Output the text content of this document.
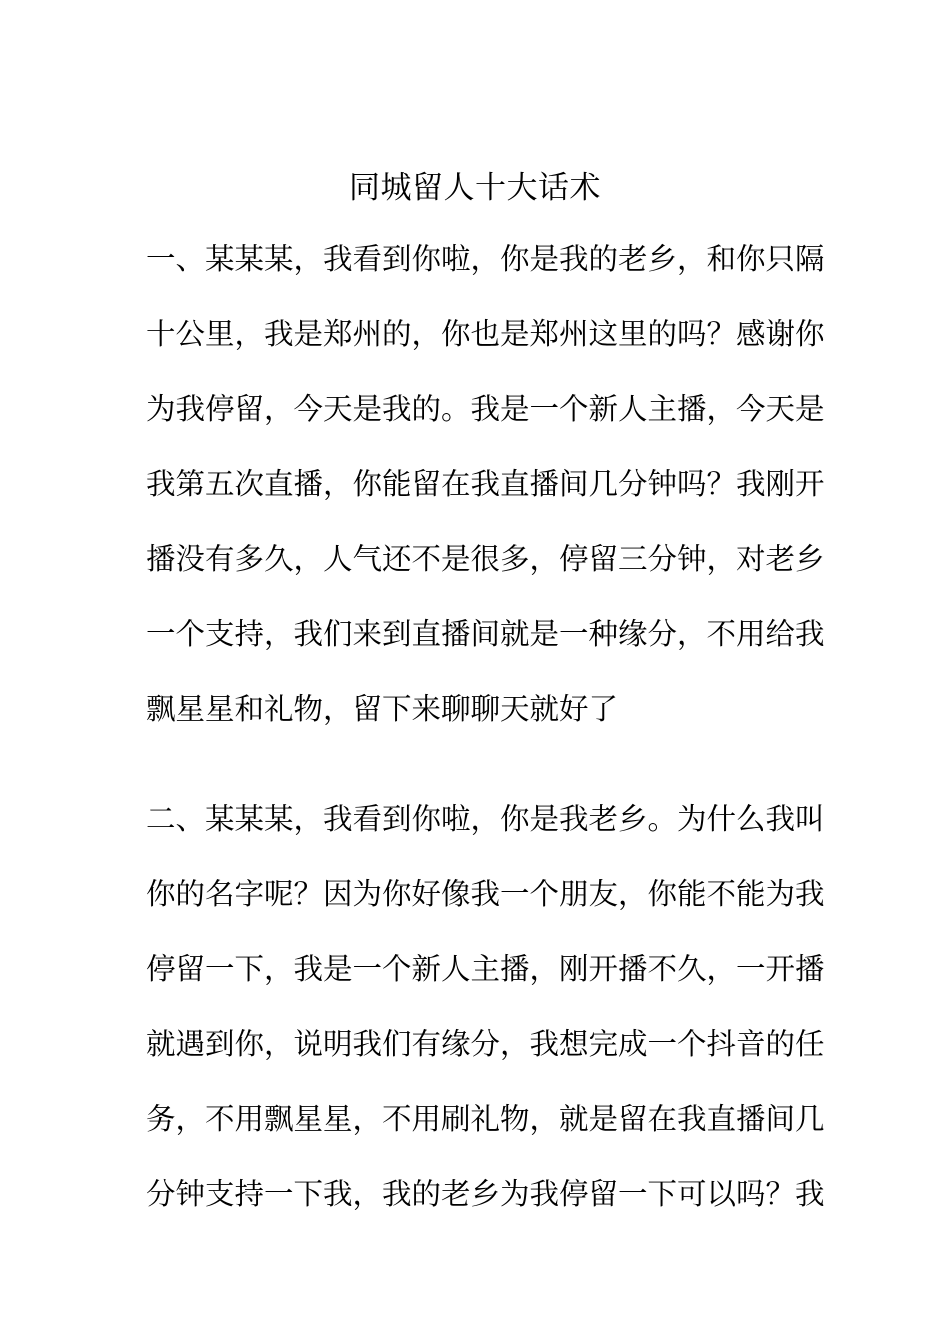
同城留人十大话术
一、某某某，我看到你啦，你是我的老乡，和你只隔
十公里，我是郑州的，你也是郑州这里的吗？感谢你
为我停留，今天是我的。我是一个新人主播，今天是
我第五次直播，你能留在我直播间几分钟吗？我刚开
播没有多久，人气还不是很多，停留三分钟，对老乡
一个支持，我们来到直播间就是一种缘分，不用给我
飘星星和礼物，留下来聊聊天就好了
二、某某某，我看到你啦，你是我老乡。为什么我叫
你的名字呢？因为你好像我一个朋友，你能不能为我
停留一下，我是一个新人主播，刚开播不久，一开播
就遇到你，说明我们有缘分，我想完成一个抖音的任
务，不用飘星星，不用刷礼物，就是留在我直播间几
分钟支持一下我，我的老乡为我停留一下可以吗？我
